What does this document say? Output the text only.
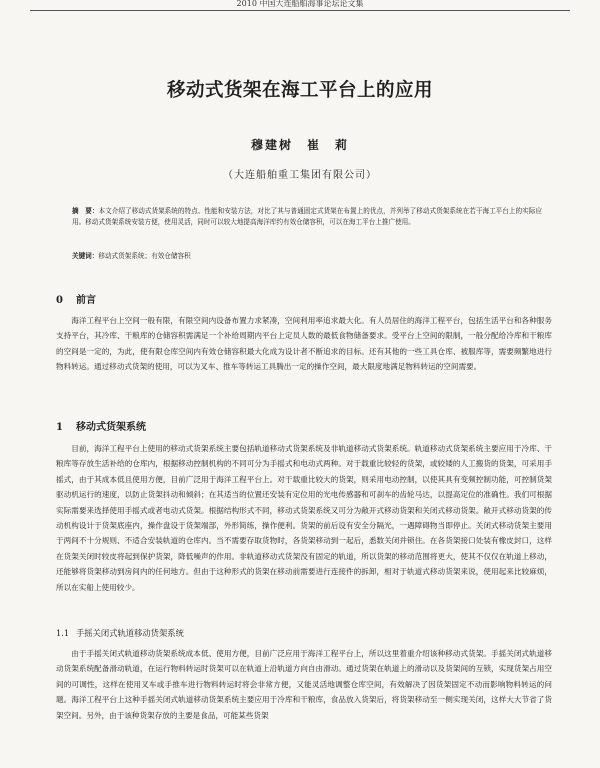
2010 中国大连船舶海事论坛论文集
移动式货架在海工平台上的应用
穆建树　崔　莉
（大连船舶重工集团有限公司）
摘　要：本文介绍了移动式货架系统的特点、性能和安装方法，对比了其与普通固定式货架在布置上的优点，并列举了移动式货架系统在若干海工平台上的实际应用。移动式货架系统安装方便，使用灵活，同时可以较大地提高海洋库约有效仓储容积，可以在海工平台上推广使用。
关键词：移动式货架系统；有效仓储容积
0 前言

海洋工程平台上空间一般有限，有限空间内设备布置力求紧凑，空间利用率追求最大化。有人员居住的海洋工程平台，包括生活平台和各种服务支持平台，其冷库、干粮库的仓储容积需满足一个补给周期内平台上定员人数的最低食物储备要求。受平台上空间的限制，一般分配给冷库和干粮库的空间是一定的，为此，使有限仓库空间内有效仓储容积最大化成为设计者不断追求的目标。还有其他的一些工具仓库、被服库等，需要频繁地进行物料转运。通过移动式货架的使用，可以为叉车、推车等转运工具腾出一定的操作空间，最大限度地满足物料转运的空间需要。

1 移动式货架系统

目前，海洋工程平台上使用的移动式货架系统主要包括轨道移动式货架系统及非轨道移动式货架系统。轨道移动式货架系统主要应用于冷库、干粮库等存放生活补给的仓库内，根据移动控制机构的不同可分为手摇式和电动式两种。对于载重比较轻的货架，或较矮的人工搬货的货架，可采用手摇式，由于其成本低且使用方便，目前广泛用于海洋工程平台上。对于载重比较大的货架，则采用电动控制，以使其具有变频控制功能，可控制货架驱动机运行的速度，以防止货架抖动和倾斜；在其适当的位置还安装有定位用的光电传感器和可刹车的齿轮马达，以提高定位的准确性。我们可根据实际需要来选择使用手摇式或者电动式货架。根据结构形式不同，移动式货架系统又可分为敞开式移动货架和关闭式移动货架。敞开式移动货架的传动机构设计于货架底座内，操作盘设于货架端部，外形简练，操作便利。货架的前后设有安全分隔光，一遇障碍物当即停止。关闭式移动货架主要用于两间不十分规则、不适合安装轨道的仓库内。当不需要存取货物时，各货架移动到一起后，悉数关闭并锁住。在各货架接口处装有橡皮封口，这样在货架关闭时较皮将起到保护货架，降低噪声的作用。非轨道移动式货架没有固定的轨道，所以货架的移动范围将更大，使其不仅仅在轨道上移动，还能够将货架移动到房间内的任何地方。但由于这种形式的货架在移动前需要进行连接件的拆卸，相对于轨道式移动货架来说，使用起来比较麻烦，所以在实船上使用较少。

1.1 手摇关闭式轨道移动货架系统

由于手摇关闭式轨道移动货架系统成本低、使用方便，目前广泛应用于海洋工程平台上，所以这里着重介绍该种移动式货架。手摇关闭式轨道移动货架系统配备滑动轨道，在运行物料转运时货架可以在轨道上沿轨道方向自由滑动。通过货架在轨道上的滑动以及货架间的互锁，实现货架占用空间的可调性，这样在使用叉车或手推车进行物料转运时将会非常方便，又能灵活地调整仓库空间，有效解决了因货架固定不动而影响物料转运的问题。海洋工程平台上这种手摇关闭式轨道移动货架系统主要应用于冷库和干粮库，食品放入货架后，将货架移动至一侧实现关闭，这样大大节省了货架空间。另外，由于该种货架存放的主要是食品，可能某些货架
